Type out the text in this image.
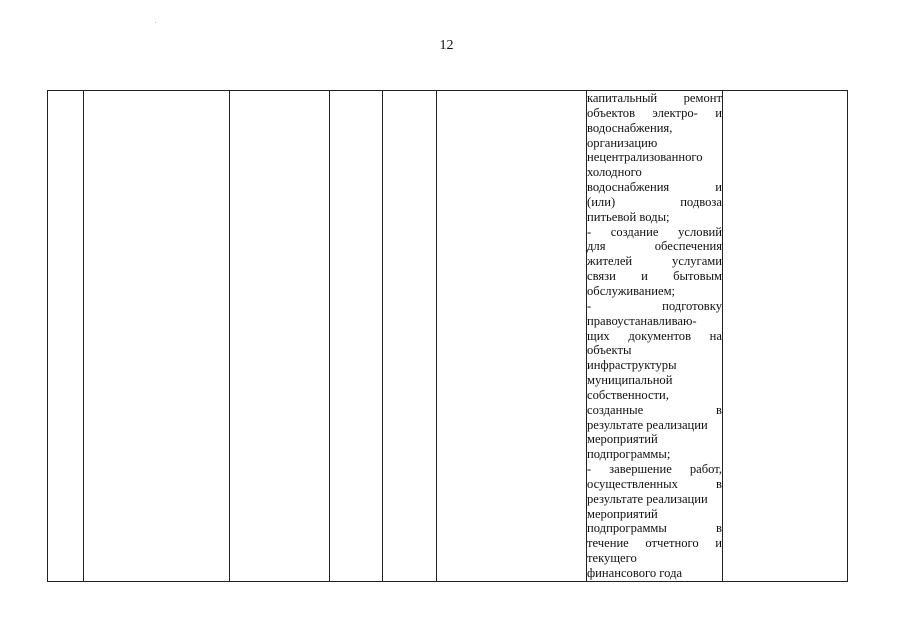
12

капитальный ремонт

объектов электро- и

водоснабжения,

организацию

нецентрализованного

холодного

водоснабжения и

(или) подвоза

питьевой воды;

- создание условий

для обеспечения

жителей услугами

связи и бытовым

обслуживанием;

- подготовку

правоустанавливаю-

щих документов на

объекты

инфраструктуры

муниципальной

собственности,

созданные в

результате реализации

мероприятий

подпрограммы;

- завершение работ,

осуществленных в

результате реализации

мероприятий

подпрограммы в

течение отчетного и

текущего

финансового года
